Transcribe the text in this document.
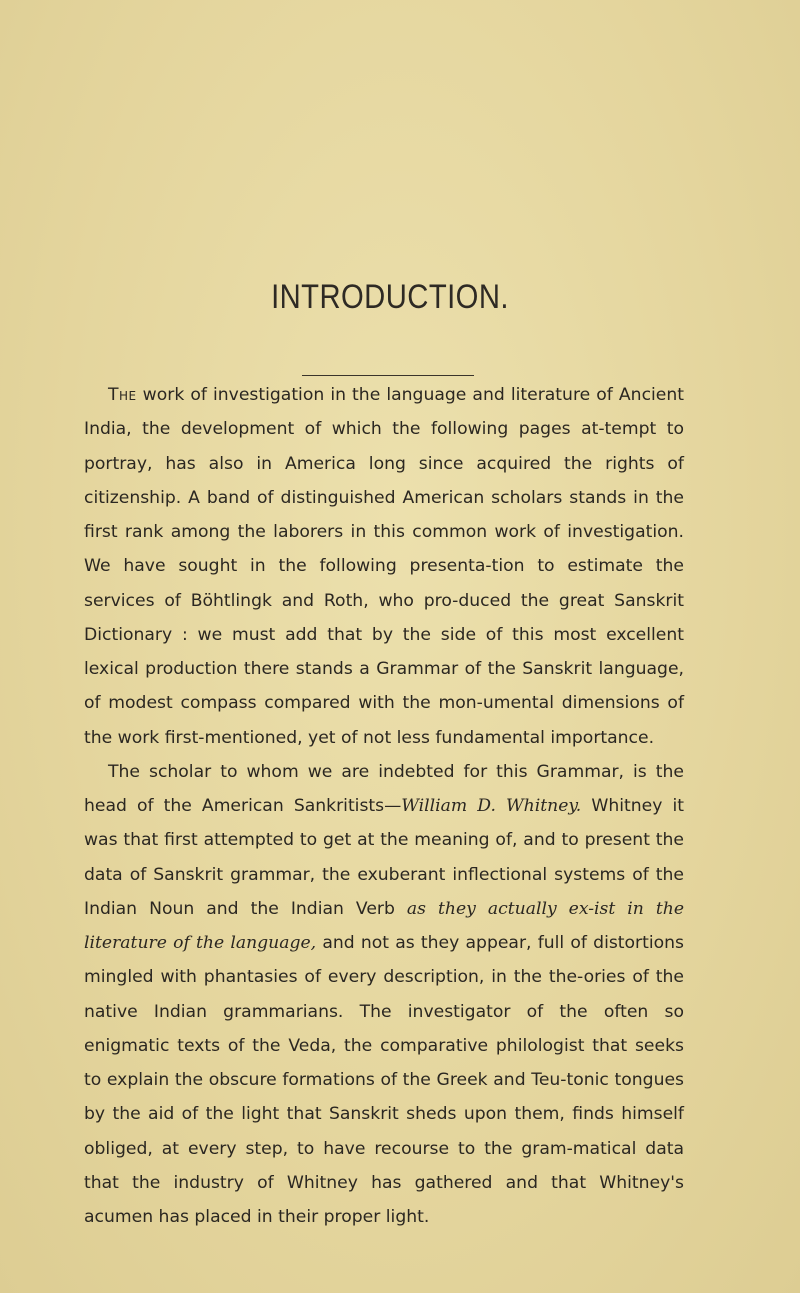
INTRODUCTION.

The work of investigation in the language and literature of Ancient India, the development of which the following pages at-tempt to portray, has also in America long since acquired the rights of citizenship. A band of distinguished American scholars stands in the first rank among the laborers in this common work of investigation. We have sought in the following presenta-tion to estimate the services of Böhtlingk and Roth, who pro-duced the great Sanskrit Dictionary : we must add that by the side of this most excellent lexical production there stands a Grammar of the Sanskrit language, of modest compass compared with the mon-umental dimensions of the work first-mentioned, yet of not less fundamental importance.

The scholar to whom we are indebted for this Grammar, is the head of the American Sankritists—William D. Whitney. Whitney it was that first attempted to get at the meaning of, and to present the data of Sanskrit grammar, the exuberant inflectional systems of the Indian Noun and the Indian Verb as they actually ex-ist in the literature of the language, and not as they appear, full of distortions mingled with phantasies of every description, in the the-ories of the native Indian grammarians. The investigator of the often so enigmatic texts of the Veda, the comparative philologist that seeks to explain the obscure formations of the Greek and Teu-tonic tongues by the aid of the light that Sanskrit sheds upon them, finds himself obliged, at every step, to have recourse to the gram-matical data that the industry of Whitney has gathered and that Whitney's acumen has placed in their proper light.
